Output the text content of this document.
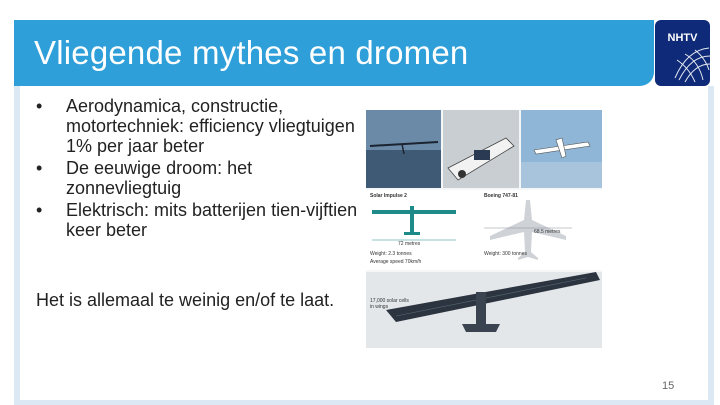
Vliegende mythes en dromen	NHTV
• Aerodynamica, constructie, motortechniek: efficiency vliegtuigen 1% per jaar beter
• De eeuwige droom: het zonnevliegtuig
• Elektrisch: mits batterijen tien-vijftien keer beter
Het is allemaal te weinig en/of te laat.
Solar Impulse 2	Boeing 747-81
72 metres
68.5 metres
Weight: 2.3 tonnes
Average speed 70km/h
Weight: 300 tonnes
17,000 solar cells in wings
15
